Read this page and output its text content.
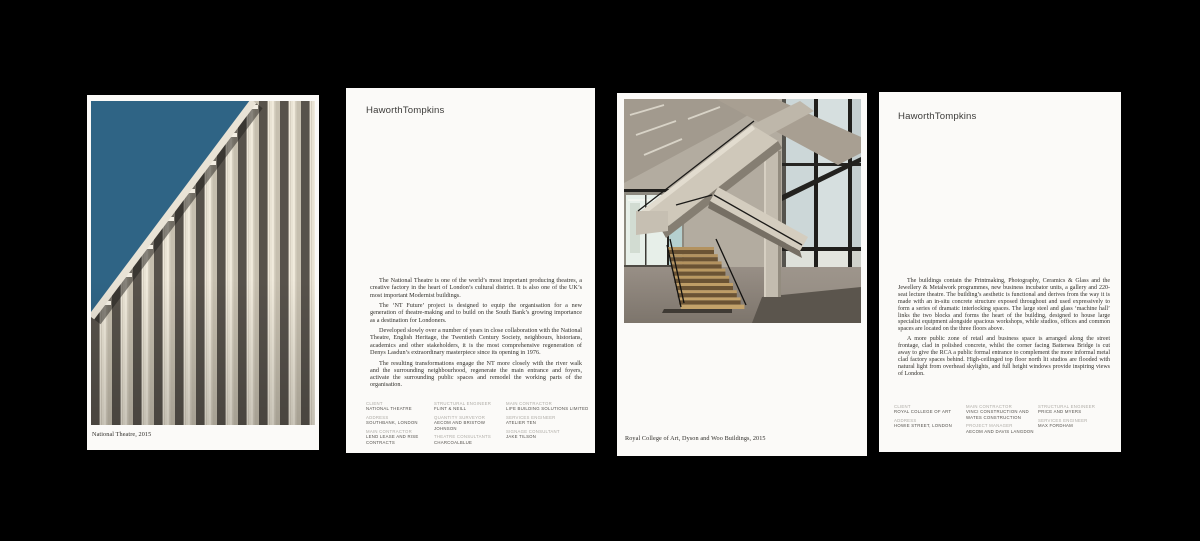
National Theatre, 2015
HaworthTompkins

The National Theatre is one of the world’s most important producing theatres, a creative factory in the heart of London’s cultural district. It is also one of the UK’s most important Modernist buildings.

The ‘NT Future’ project is designed to equip the organisation for a new generation of theatre-making and to build on the South Bank’s growing importance as a destination for Londoners.

Developed slowly over a number of years in close collaboration with the National Theatre, English Heritage, the Twentieth Century Society, neighbours, historians, academics and other stakeholders, it is the most comprehensive regeneration of Denys Lasdun’s extraordinary masterpiece since its opening in 1976.

The resulting transformations engage the NT more closely with the river walk and the surrounding neighbourhood, regenerate the main entrance and foyers, activate the surrounding public spaces and remodel the working parts of the organisation.

CLIENT
NATIONAL THEATRE
ADDRESS
SOUTHBANK, LONDON
MAIN CONTRACTOR
LEND LEASE AND RISE CONTRACTS
STRUCTURAL ENGINEER
FLINT & NEILL
QUANTITY SURVEYOR
AECOM AND BRISTOW JOHNSON
THEATRE CONSULTANTS
CHARCOALBLUE
MAIN CONTRACTOR
LIFE BUILDING SOLUTIONS LIMITED
SERVICES ENGINEER
ATELIER TEN
SIGNAGE CONSULTANT
JAKE TILSON	Royal College of Art, Dyson and Woo Buildings, 2015
HaworthTompkins

The buildings contain the Printmaking, Photography, Ceramics & Glass and the Jewellery & Metalwork programmes, new business incubator units, a gallery and 220-seat lecture theatre. The building’s aesthetic is functional and derives from the way it is made with an in-situ concrete structure exposed throughout and used expressively to form a series of dramatic interlocking spaces. The large steel and glass ‘machine hall’ links the two blocks and forms the heart of the building, designed to house large specialist equipment alongside spacious workshops, while studios, offices and common spaces are located on the three floors above.

A more public zone of retail and business space is arranged along the street frontage, clad in polished concrete, whilst the corner facing Battersea Bridge is cut away to give the RCA a public formal entrance to complement the more informal metal clad factory spaces behind. High-ceilinged top floor north lit studios are flooded with natural light from overhead skylights, and full height windows provide inspiring views of London.

CLIENT
ROYAL COLLEGE OF ART
ADDRESS
HOWIE STREET, LONDON
MAIN CONTRACTOR
VINCI CONSTRUCTION AND WATES CONSTRUCTION
PROJECT MANAGER
AECOM AND DAVIS LANGDON
STRUCTURAL ENGINEER
PRICE AND MYERS
SERVICES ENGINEER
MAX FORDHAM
